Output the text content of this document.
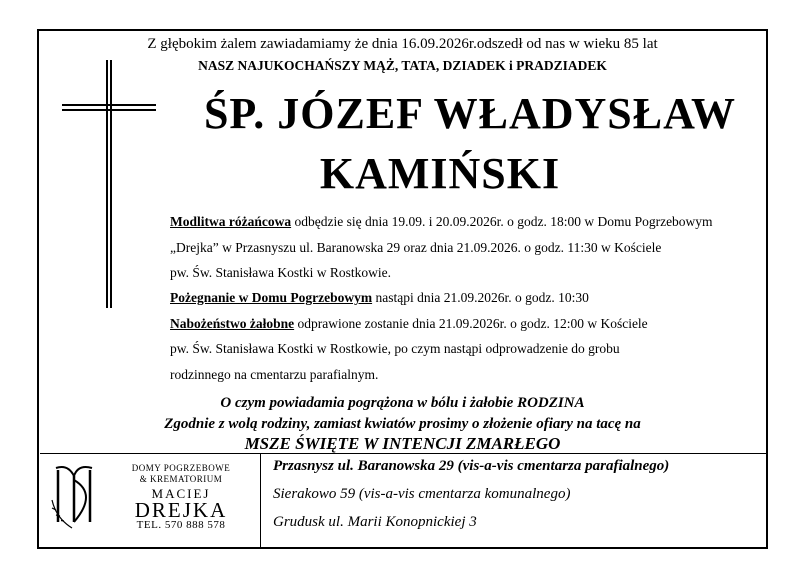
Z głębokim żalem zawiadamiamy że dnia 16.09.2026r.odszedł od nas w wieku 85 lat
NASZ NAJUKOCHAŃSZY MĄŻ, TATA, DZIADEK i PRADZIADEK
ŚP. JÓZEF WŁADYSŁAW
KAMIŃSKI
Modlitwa różańcowa odbędzie się dnia 19.09. i 20.09.2026r. o godz. 18:00 w Domu Pogrzebowym
„Drejka” w Przasnyszu ul. Baranowska 29 oraz dnia 21.09.2026. o godz. 11:30 w Kościele
pw. Św. Stanisława Kostki w Rostkowie.
Pożegnanie w Domu Pogrzebowym nastąpi dnia 21.09.2026r. o godz. 10:30
Nabożeństwo żałobne odprawione zostanie dnia 21.09.2026r. o godz. 12:00 w Kościele
pw. Św. Stanisława Kostki w Rostkowie, po czym nastąpi odprowadzenie do grobu
rodzinnego na cmentarzu parafialnym.
O czym powiadamia pogrążona w bólu i żałobie RODZINA
Zgodnie z wolą rodziny, zamiast kwiatów prosimy o złożenie ofiary na tacę na
MSZE ŚWIĘTE W INTENCJI ZMARŁEGO
DOMY POGRZEBOWE
& KREMATORIUM
MACIEJ
DREJKA
TEL. 570 888 578
Przasnysz ul. Baranowska 29 (vis-a-vis cmentarza parafialnego)
Sierakowo 59 (vis-a-vis cmentarza komunalnego)
Grudusk ul. Marii Konopnickiej 3
